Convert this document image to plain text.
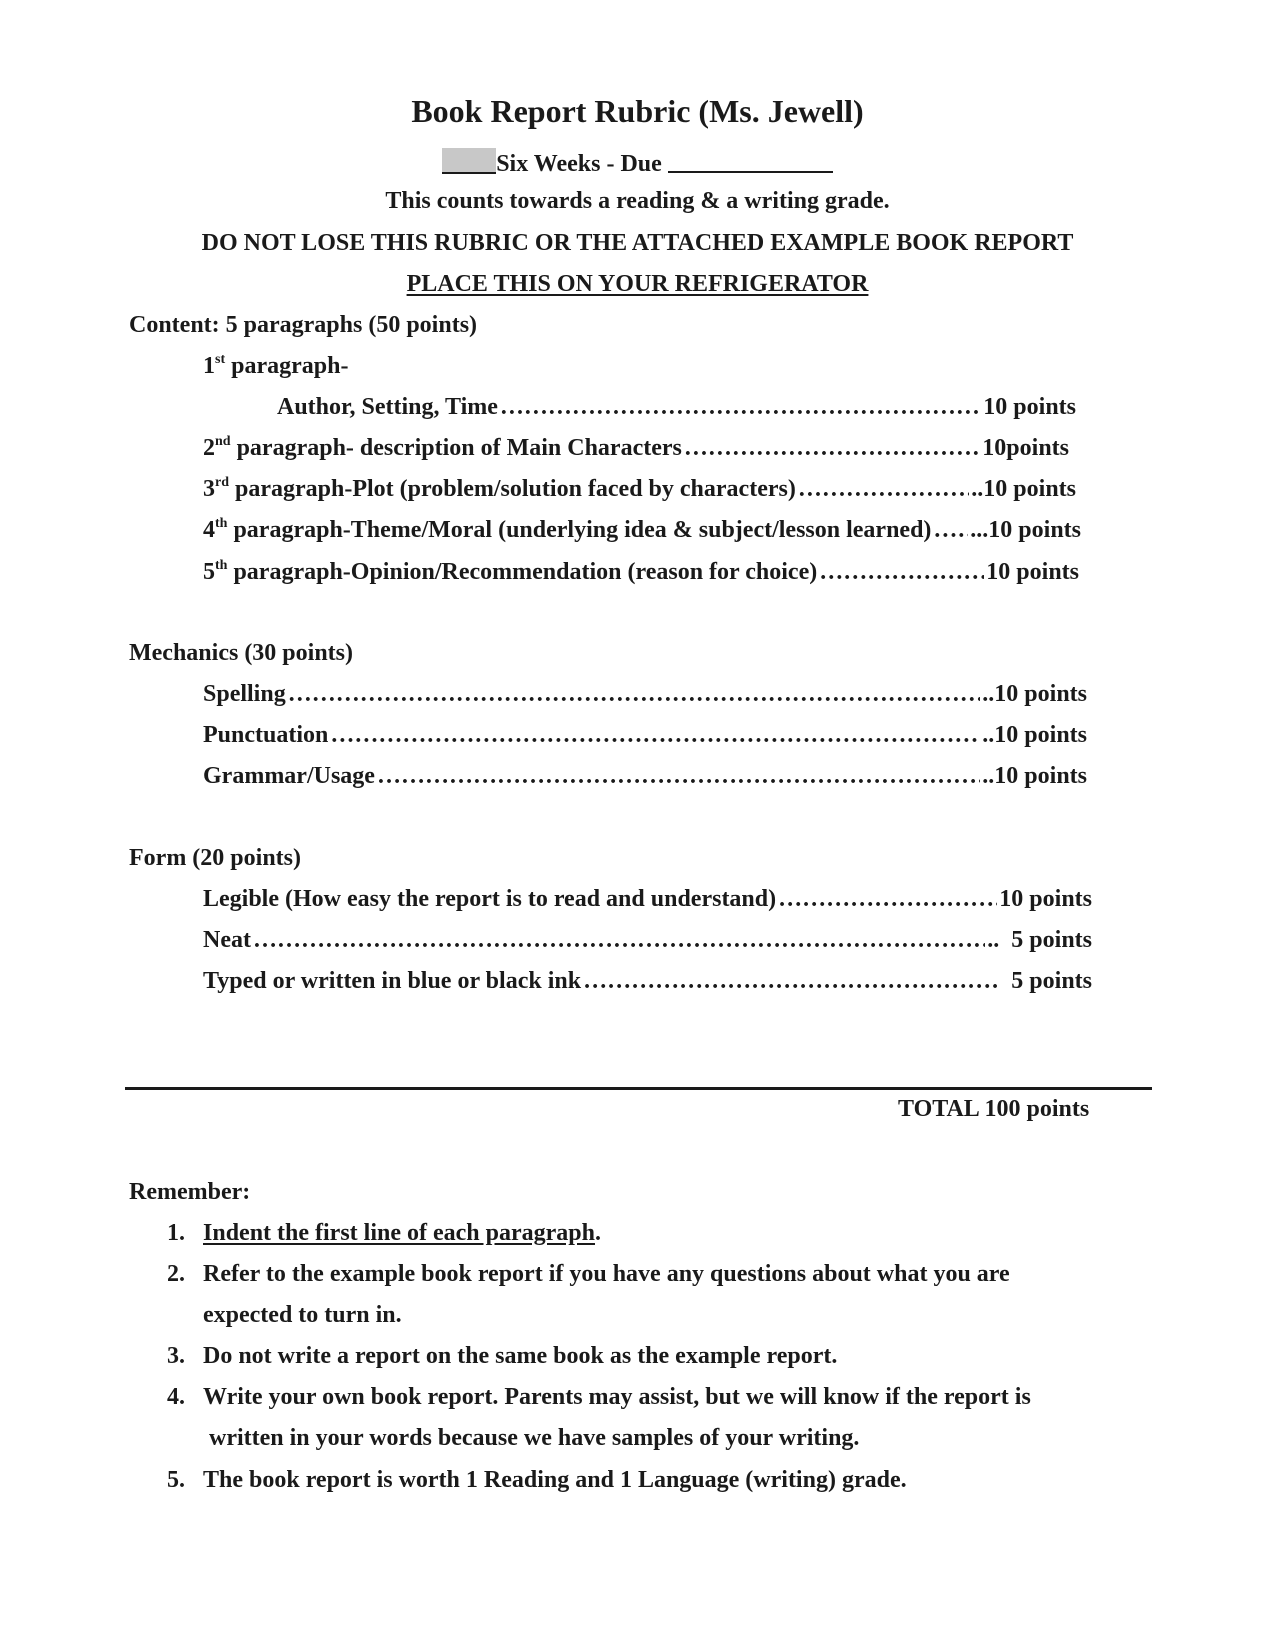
Book Report Rubric (Ms. Jewell)
Six Weeks - Due
This counts towards a reading & a writing grade.
DO NOT LOSE THIS RUBRIC OR THE ATTACHED EXAMPLE BOOK REPORT
PLACE THIS ON YOUR REFRIGERATOR
Content: 5 paragraphs (50 points)
1st paragraph-
Author, Setting, Time ……………………………………………………………………………………………………………………………………………………	10 points
2nd paragraph- description of Main Characters ……………………………………………………………………………………………………………………………………………………	10points
3rd paragraph-Plot (problem/solution faced by characters) ……………………………………………………………………………………………………………………………………………………	..10 points
4th paragraph-Theme/Moral (underlying idea & subject/lesson learned) …………………………………………………………………………………………………………………………………………………… ...10 points
5th paragraph-Opinion/Recommendation (reason for choice) ……………………………………………………………………………………………………………………………………………………	10 points
Mechanics (30 points)
Spelling ……………………………………………………………………………………………………………………………………………………	..10 points
Punctuation ……………………………………………………………………………………………………………………………………………………	..10 points
Grammar/Usage ……………………………………………………………………………………………………………………………………………………	..10 points
Form (20 points)
Legible (How easy the report is to read and understand) ……………………………………………………………………………………………………………………………………………………	10 points
Neat ……………………………………………………………………………………………………………………………………………………	..  5 points
Typed or written in blue or black ink ……………………………………………………………………………………………………………………………………………………	5 points
TOTAL 100 points
Remember:
1. Indent the first line of each paragraph.
2. Refer to the example book report if you have any questions about what you are
expected to turn in.
3. Do not write a report on the same book as the example report.
4. Write your own book report. Parents may assist, but we will know if the report is
written in your words because we have samples of your writing.
5. The book report is worth 1 Reading and 1 Language (writing) grade.
